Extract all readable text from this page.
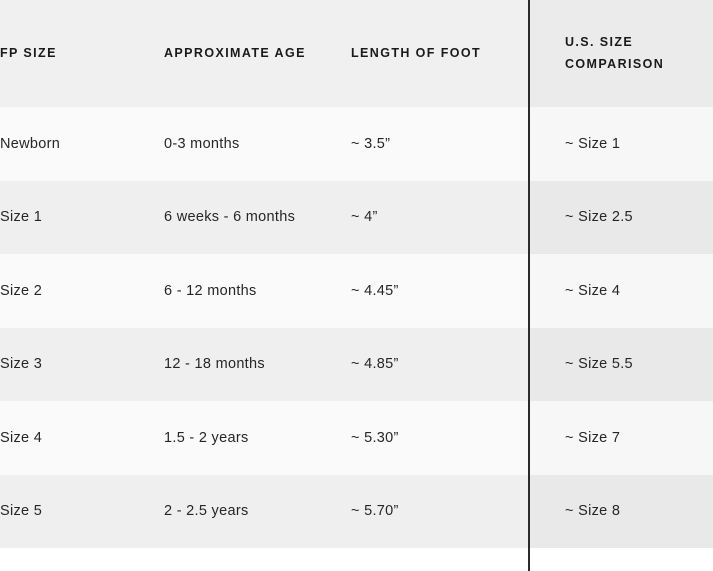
FP SIZE	APPROXIMATE AGE	LENGTH OF FOOT	U.S. SIZE COMPARISON
Newborn	0-3 months	~ 3.5”	~ Size 1
Size 1	6 weeks - 6 months	~ 4”	~ Size 2.5
Size 2	6 - 12 months	~ 4.45”	~ Size 4
Size 3	12 - 18 months	~ 4.85”	~ Size 5.5
Size 4	1.5 - 2 years	~ 5.30”	~ Size 7
Size 5	2 - 2.5 years	~ 5.70”	~ Size 8
